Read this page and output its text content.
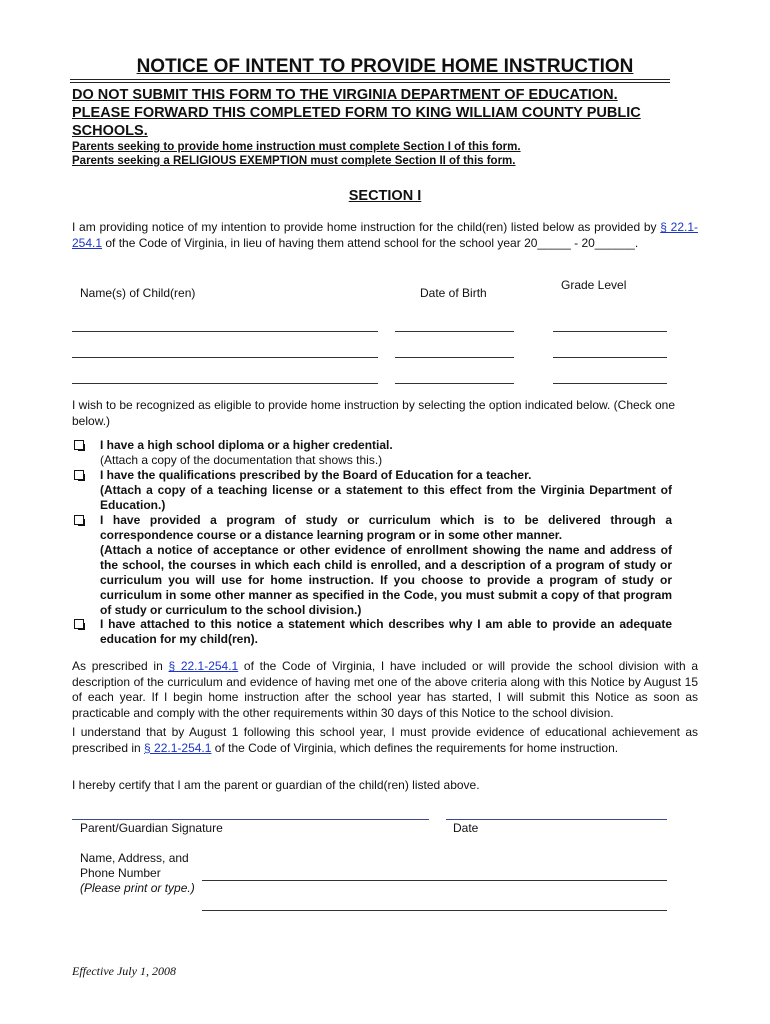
NOTICE OF INTENT TO PROVIDE HOME INSTRUCTION
DO NOT SUBMIT THIS FORM TO THE VIRGINIA DEPARTMENT OF EDUCATION.
PLEASE FORWARD THIS COMPLETED FORM TO KING WILLIAM COUNTY PUBLIC
SCHOOLS.
Parents seeking to provide home instruction must complete Section I of this form.
Parents seeking a RELIGIOUS EXEMPTION must complete Section II of this form.
SECTION I
I am providing notice of my intention to provide home instruction for the child(ren) listed below as provided by § 22.1-254.1 of the Code of Virginia, in lieu of having them attend school for the school year 20_____ - 20______.
Name(s) of Child(ren)	Date of Birth
Grade Level
I wish to be recognized as eligible to provide home instruction by selecting the option indicated below. (Check one below.)
I have a high school diploma or a higher credential.
(Attach a copy of the documentation that shows this.)
I have the qualifications prescribed by the Board of Education for a teacher.
(Attach a copy of a teaching license or a statement to this effect from the Virginia Department of Education.)
I have provided a program of study or curriculum which is to be delivered through a correspondence course or a distance learning program or in some other manner.
(Attach a notice of acceptance or other evidence of enrollment showing the name and address of the school, the courses in which each child is enrolled, and a description of a program of study or curriculum you will use for home instruction. If you choose to provide a program of study or curriculum in some other manner as specified in the Code, you must submit a copy of that program of study or curriculum to the school division.)
I have attached to this notice a statement which describes why I am able to provide an adequate education for my child(ren).
As prescribed in § 22.1-254.1 of the Code of Virginia, I have included or will provide the school division with a description of the curriculum and evidence of having met one of the above criteria along with this Notice by August 15 of each year. If I begin home instruction after the school year has started, I will submit this Notice as soon as practicable and comply with the other requirements within 30 days of this Notice to the school division.
I understand that by August 1 following this school year, I must provide evidence of educational achievement as prescribed in § 22.1-254.1 of the Code of Virginia, which defines the requirements for home instruction.
I hereby certify that I am the parent or guardian of the child(ren) listed above.
Parent/Guardian Signature	Date
Name, Address, and Phone Number
(Please print or type.)
Effective July 1, 2008
